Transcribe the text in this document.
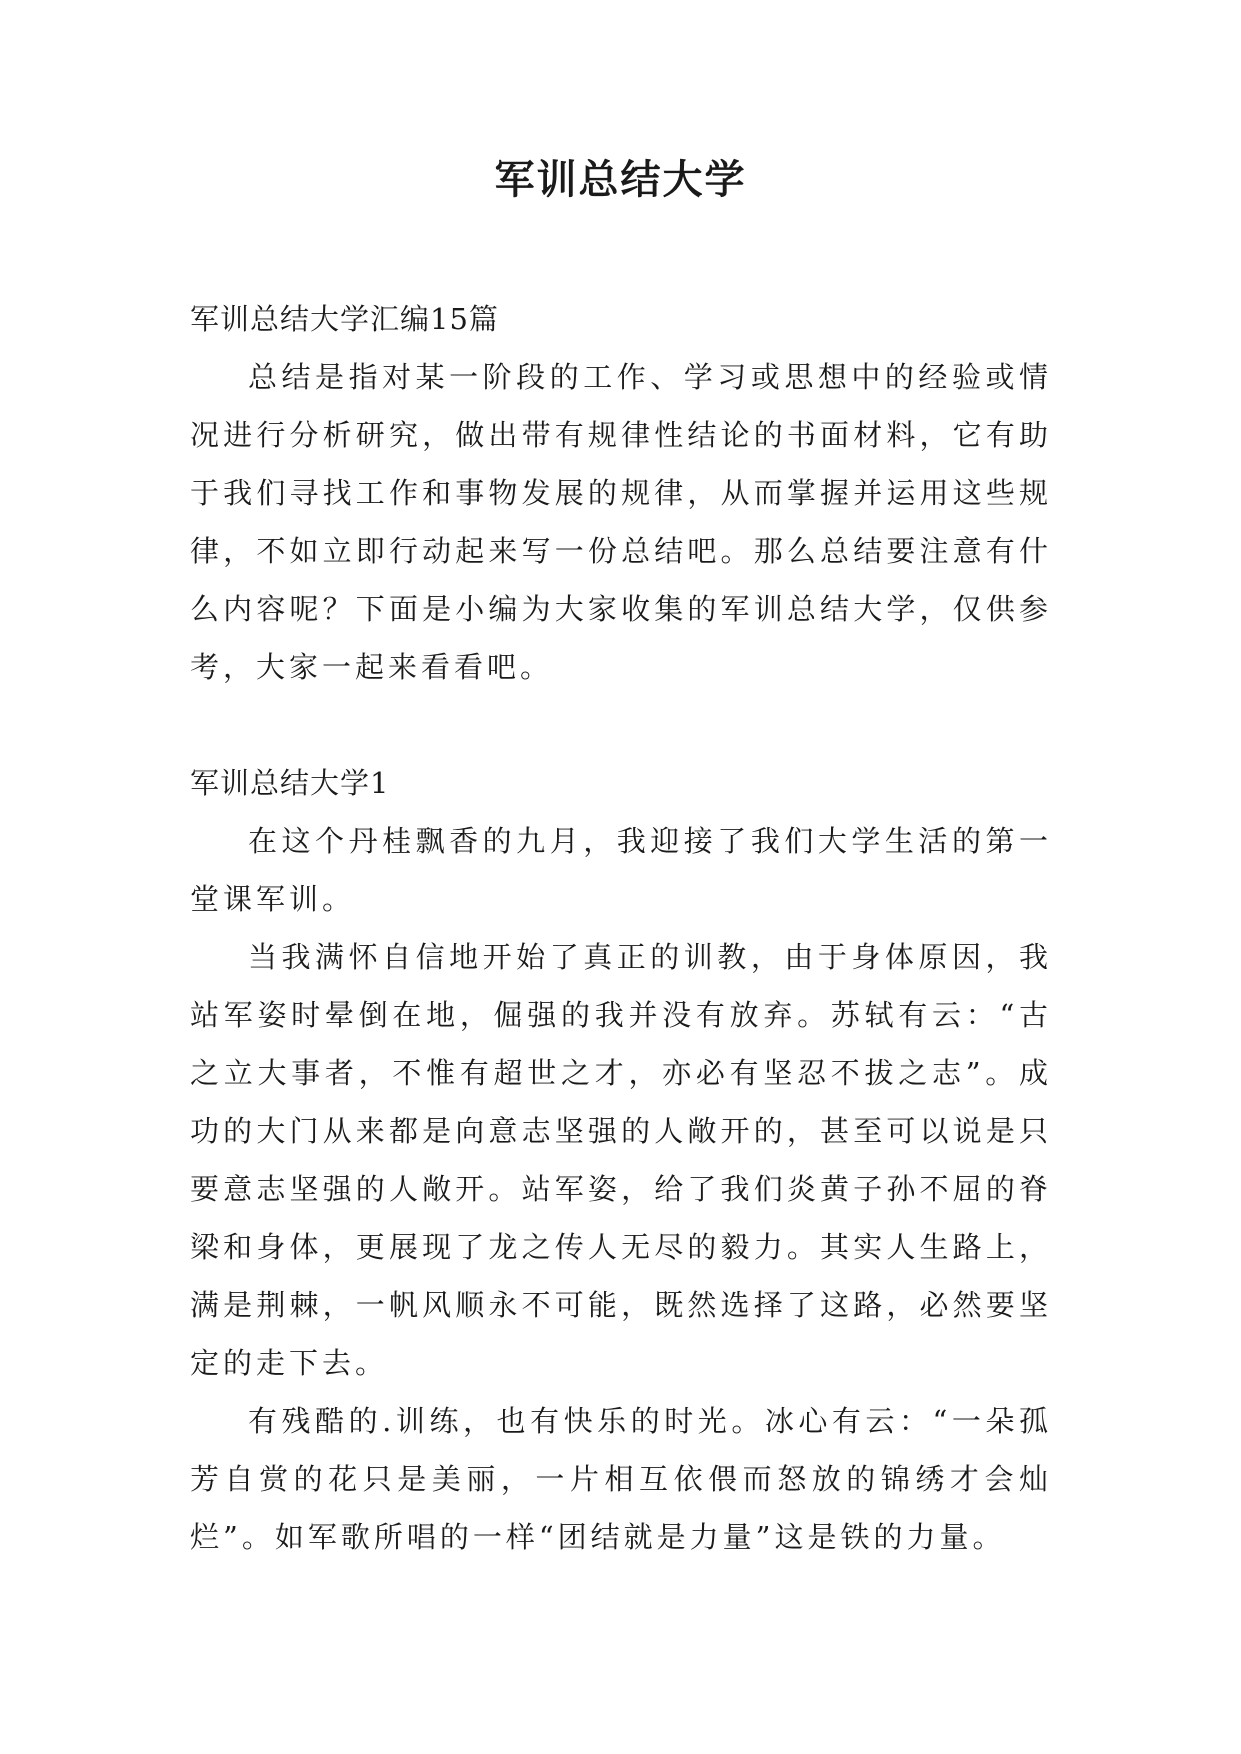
军训总结大学

军训总结大学汇编15篇

总结是指对某一阶段的工作、学习或思想中的经验或情况进行分析研究，做出带有规律性结论的书面材料，它有助于我们寻找工作和事物发展的规律，从而掌握并运用这些规律，不如立即行动起来写一份总结吧。那么总结要注意有什么内容呢？下面是小编为大家收集的军训总结大学，仅供参考，大家一起来看看吧。

军训总结大学1

在这个丹桂飘香的九月，我迎接了我们大学生活的第一堂课军训。

当我满怀自信地开始了真正的训教，由于身体原因，我站军姿时晕倒在地，倔强的我并没有放弃。苏轼有云：“古之立大事者，不惟有超世之才，亦必有坚忍不拔之志”。成功的大门从来都是向意志坚强的人敞开的，甚至可以说是只要意志坚强的人敞开。站军姿，给了我们炎黄子孙不屈的脊梁和身体，更展现了龙之传人无尽的毅力。其实人生路上，满是荆棘，一帆风顺永不可能，既然选择了这路，必然要坚定的走下去。

有残酷的.训练，也有快乐的时光。冰心有云：“一朵孤芳自赏的花只是美丽，一片相互依偎而怒放的锦绣才会灿烂”。如军歌所唱的一样“团结就是力量”这是铁的力量。
